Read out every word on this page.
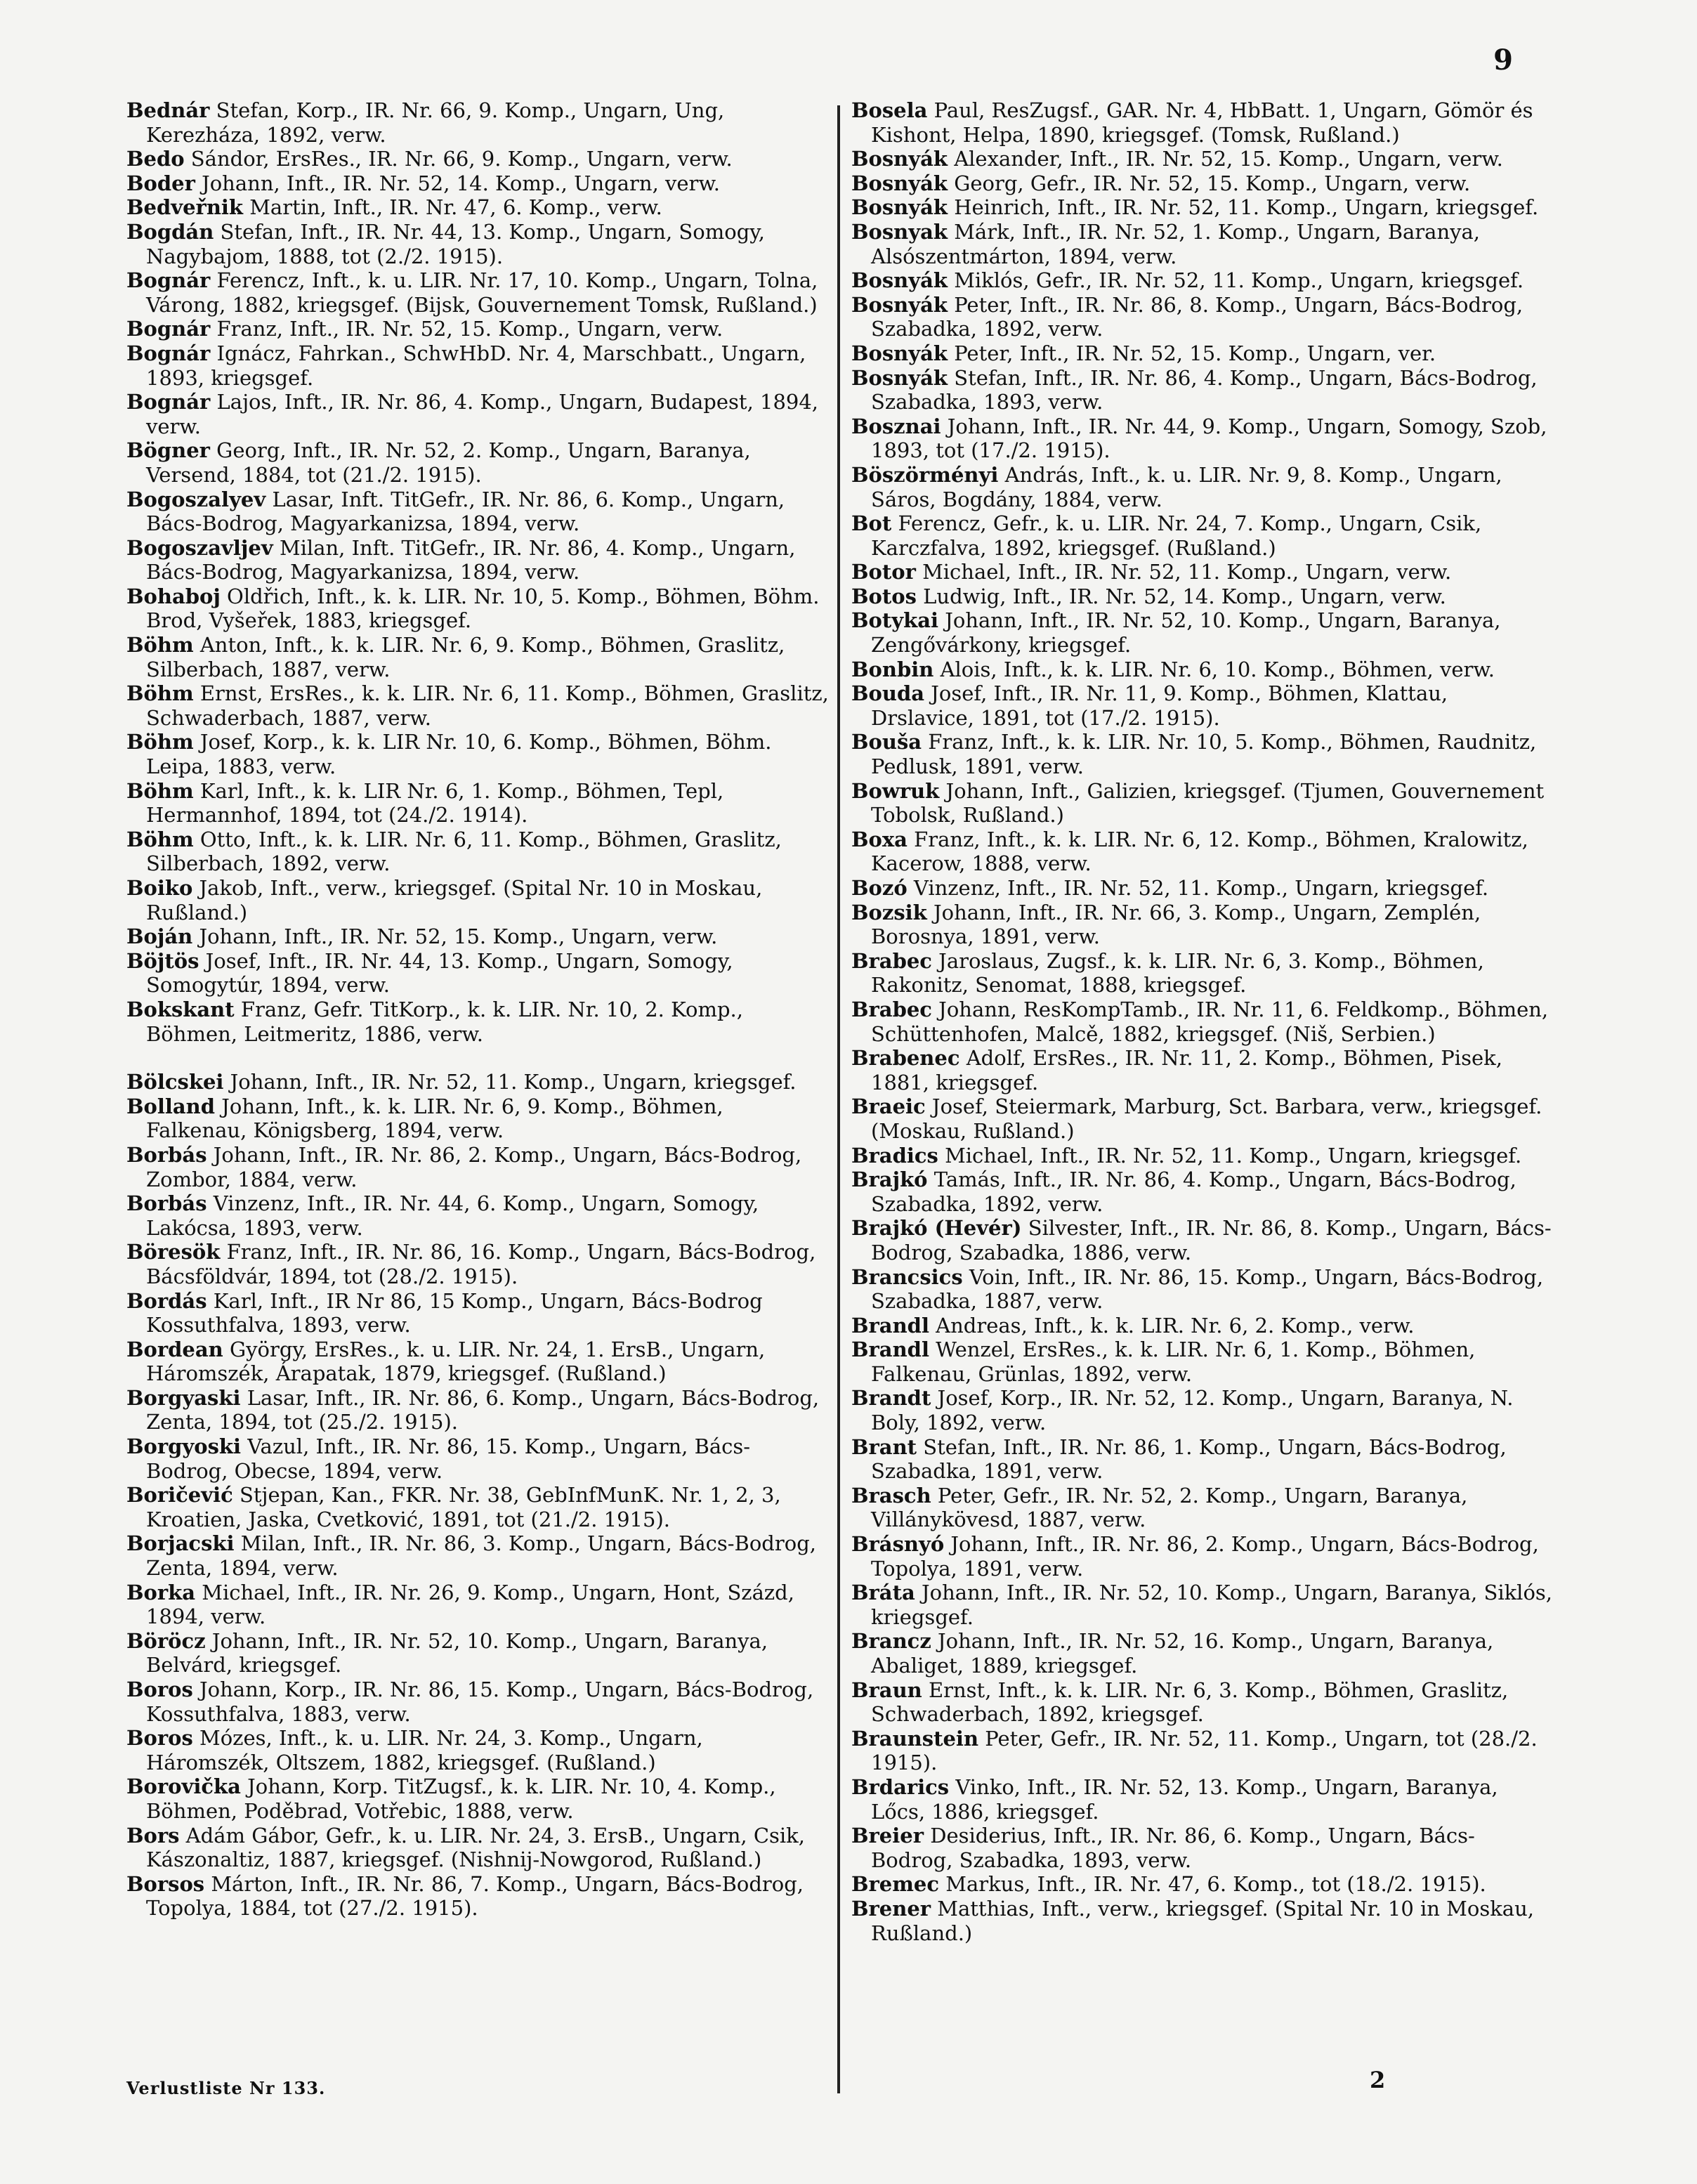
9

Bednár Stefan, Korp., IR. Nr. 66, 9. Komp., Ungarn, Ung, Kerezháza, 1892, verw.

Bedo Sándor, ErsRes., IR. Nr. 66, 9. Komp., Ungarn, verw.

Boder Johann, Inft., IR. Nr. 52, 14. Komp., Ungarn, verw.

Bedveřnik Martin, Inft., IR. Nr. 47, 6. Komp., verw.

Bogdán Stefan, Inft., IR. Nr. 44, 13. Komp., Ungarn, Somogy, Nagybajom, 1888, tot (2./2. 1915).

Bognár Ferencz, Inft., k. u. LIR. Nr. 17, 10. Komp., Ungarn, Tolna, Várong, 1882, kriegsgef. (Bijsk, Gouvernement Tomsk, Rußland.)

Bognár Franz, Inft., IR. Nr. 52, 15. Komp., Ungarn, verw.

Bognár Ignácz, Fahrkan., SchwHbD. Nr. 4, Marschbatt., Ungarn, 1893, kriegsgef.

Bognár Lajos, Inft., IR. Nr. 86, 4. Komp., Ungarn, Budapest, 1894, verw.

Bögner Georg, Inft., IR. Nr. 52, 2. Komp., Ungarn, Baranya, Versend, 1884, tot (21./2. 1915).

Bogoszalyev Lasar, Inft. TitGefr., IR. Nr. 86, 6. Komp., Ungarn, Bács-Bodrog, Magyarkanizsa, 1894, verw.

Bogoszavljev Milan, Inft. TitGefr., IR. Nr. 86, 4. Komp., Ungarn, Bács-Bodrog, Magyarkanizsa, 1894, verw.

Bohaboj Oldřich, Inft., k. k. LIR. Nr. 10, 5. Komp., Böhmen, Böhm. Brod, Vyšeřek, 1883, kriegsgef.

Böhm Anton, Inft., k. k. LIR. Nr. 6, 9. Komp., Böhmen, Graslitz, Silberbach, 1887, verw.

Böhm Ernst, ErsRes., k. k. LIR. Nr. 6, 11. Komp., Böhmen, Graslitz, Schwaderbach, 1887, verw.

Böhm Josef, Korp., k. k. LIR Nr. 10, 6. Komp., Böhmen, Böhm. Leipa, 1883, verw.

Böhm Karl, Inft., k. k. LIR Nr. 6, 1. Komp., Böhmen, Tepl, Hermannhof, 1894, tot (24./2. 1914).

Böhm Otto, Inft., k. k. LIR. Nr. 6, 11. Komp., Böhmen, Graslitz, Silberbach, 1892, verw.

Boiko Jakob, Inft., verw., kriegsgef. (Spital Nr. 10 in Moskau, Rußland.)

Boján Johann, Inft., IR. Nr. 52, 15. Komp., Ungarn, verw.

Böjtös Josef, Inft., IR. Nr. 44, 13. Komp., Ungarn, Somogy, Somogytúr, 1894, verw.

Bokskant Franz, Gefr. TitKorp., k. k. LIR. Nr. 10, 2. Komp., Böhmen, Leitmeritz, 1886, verw.

Bölcskei Johann, Inft., IR. Nr. 52, 11. Komp., Ungarn, kriegsgef.

Bolland Johann, Inft., k. k. LIR. Nr. 6, 9. Komp., Böhmen, Falkenau, Königsberg, 1894, verw.

Borbás Johann, Inft., IR. Nr. 86, 2. Komp., Ungarn, Bács-Bodrog, Zombor, 1884, verw.

Borbás Vinzenz, Inft., IR. Nr. 44, 6. Komp., Ungarn, Somogy, Lakócsa, 1893, verw.

Böresök Franz, Inft., IR. Nr. 86, 16. Komp., Ungarn, Bács-Bodrog, Bácsföldvár, 1894, tot (28./2. 1915).

Bordás Karl, Inft., IR Nr 86, 15 Komp., Ungarn, Bács-Bodrog Kossuthfalva, 1893, verw.

Bordean György, ErsRes., k. u. LIR. Nr. 24, 1. ErsB., Ungarn, Háromszék, Árapatak, 1879, kriegsgef. (Rußland.)

Borgyaski Lasar, Inft., IR. Nr. 86, 6. Komp., Ungarn, Bács-Bodrog, Zenta, 1894, tot (25./2. 1915).

Borgyoski Vazul, Inft., IR. Nr. 86, 15. Komp., Ungarn, Bács-Bodrog, Obecse, 1894, verw.

Boričević Stjepan, Kan., FKR. Nr. 38, GebInfMunK. Nr. 1, 2, 3, Kroatien, Jaska, Cvetković, 1891, tot (21./2. 1915).

Borjacski Milan, Inft., IR. Nr. 86, 3. Komp., Ungarn, Bács-Bodrog, Zenta, 1894, verw.

Borka Michael, Inft., IR. Nr. 26, 9. Komp., Ungarn, Hont, Százd, 1894, verw.

Böröcz Johann, Inft., IR. Nr. 52, 10. Komp., Ungarn, Baranya, Belvárd, kriegsgef.

Boros Johann, Korp., IR. Nr. 86, 15. Komp., Ungarn, Bács-Bodrog, Kossuthfalva, 1883, verw.

Boros Mózes, Inft., k. u. LIR. Nr. 24, 3. Komp., Ungarn, Háromszék, Oltszem, 1882, kriegsgef. (Rußland.)

Borovička Johann, Korp. TitZugsf., k. k. LIR. Nr. 10, 4. Komp., Böhmen, Poděbrad, Votřebic, 1888, verw.

Bors Adám Gábor, Gefr., k. u. LIR. Nr. 24, 3. ErsB., Ungarn, Csik, Kászonaltiz, 1887, kriegsgef. (Nishnij-Nowgorod, Rußland.)

Borsos Márton, Inft., IR. Nr. 86, 7. Komp., Ungarn, Bács-Bodrog, Topolya, 1884, tot (27./2. 1915).

Bosela Paul, ResZugsf., GAR. Nr. 4, HbBatt. 1, Ungarn, Gömör és Kishont, Helpa, 1890, kriegsgef. (Tomsk, Rußland.)

Bosnyák Alexander, Inft., IR. Nr. 52, 15. Komp., Ungarn, verw.

Bosnyák Georg, Gefr., IR. Nr. 52, 15. Komp., Ungarn, verw.

Bosnyák Heinrich, Inft., IR. Nr. 52, 11. Komp., Ungarn, kriegsgef.

Bosnyak Márk, Inft., IR. Nr. 52, 1. Komp., Ungarn, Baranya, Alsószentmárton, 1894, verw.

Bosnyák Miklós, Gefr., IR. Nr. 52, 11. Komp., Ungarn, kriegsgef.

Bosnyák Peter, Inft., IR. Nr. 86, 8. Komp., Ungarn, Bács-Bodrog, Szabadka, 1892, verw.

Bosnyák Peter, Inft., IR. Nr. 52, 15. Komp., Ungarn, ver.

Bosnyák Stefan, Inft., IR. Nr. 86, 4. Komp., Ungarn, Bács-Bodrog, Szabadka, 1893, verw.

Bosznai Johann, Inft., IR. Nr. 44, 9. Komp., Ungarn, Somogy, Szob, 1893, tot (17./2. 1915).

Böszörményi András, Inft., k. u. LIR. Nr. 9, 8. Komp., Ungarn, Sáros, Bogdány, 1884, verw.

Bot Ferencz, Gefr., k. u. LIR. Nr. 24, 7. Komp., Ungarn, Csik, Karczfalva, 1892, kriegsgef. (Rußland.)

Botor Michael, Inft., IR. Nr. 52, 11. Komp., Ungarn, verw.

Botos Ludwig, Inft., IR. Nr. 52, 14. Komp., Ungarn, verw.

Botykai Johann, Inft., IR. Nr. 52, 10. Komp., Ungarn, Baranya, Zengővárkony, kriegsgef.

Bonbin Alois, Inft., k. k. LIR. Nr. 6, 10. Komp., Böhmen, verw.

Bouda Josef, Inft., IR. Nr. 11, 9. Komp., Böhmen, Klattau, Drslavice, 1891, tot (17./2. 1915).

Bouša Franz, Inft., k. k. LIR. Nr. 10, 5. Komp., Böhmen, Raudnitz, Pedlusk, 1891, verw.

Bowruk Johann, Inft., Galizien, kriegsgef. (Tjumen, Gouvernement Tobolsk, Rußland.)

Boxa Franz, Inft., k. k. LIR. Nr. 6, 12. Komp., Böhmen, Kralowitz, Kacerow, 1888, verw.

Bozó Vinzenz, Inft., IR. Nr. 52, 11. Komp., Ungarn, kriegsgef.

Bozsik Johann, Inft., IR. Nr. 66, 3. Komp., Ungarn, Zemplén, Borosnya, 1891, verw.

Brabec Jaroslaus, Zugsf., k. k. LIR. Nr. 6, 3. Komp., Böhmen, Rakonitz, Senomat, 1888, kriegsgef.

Brabec Johann, ResKompTamb., IR. Nr. 11, 6. Feldkomp., Böhmen, Schüttenhofen, Malcě, 1882, kriegsgef. (Niš, Serbien.)

Brabenec Adolf, ErsRes., IR. Nr. 11, 2. Komp., Böhmen, Pisek, 1881, kriegsgef.

Braeic Josef, Steiermark, Marburg, Sct. Barbara, verw., kriegsgef. (Moskau, Rußland.)

Bradics Michael, Inft., IR. Nr. 52, 11. Komp., Ungarn, kriegsgef.

Brajkó Tamás, Inft., IR. Nr. 86, 4. Komp., Ungarn, Bács-Bodrog, Szabadka, 1892, verw.

Brajkó (Hevér) Silvester, Inft., IR. Nr. 86, 8. Komp., Ungarn, Bács-Bodrog, Szabadka, 1886, verw.

Brancsics Voin, Inft., IR. Nr. 86, 15. Komp., Ungarn, Bács-Bodrog, Szabadka, 1887, verw.

Brandl Andreas, Inft., k. k. LIR. Nr. 6, 2. Komp., verw.

Brandl Wenzel, ErsRes., k. k. LIR. Nr. 6, 1. Komp., Böhmen, Falkenau, Grünlas, 1892, verw.

Brandt Josef, Korp., IR. Nr. 52, 12. Komp., Ungarn, Baranya, N. Boly, 1892, verw.

Brant Stefan, Inft., IR. Nr. 86, 1. Komp., Ungarn, Bács-Bodrog, Szabadka, 1891, verw.

Brasch Peter, Gefr., IR. Nr. 52, 2. Komp., Ungarn, Baranya, Villánykövesd, 1887, verw.

Brásnyó Johann, Inft., IR. Nr. 86, 2. Komp., Ungarn, Bács-Bodrog, Topolya, 1891, verw.

Bráta Johann, Inft., IR. Nr. 52, 10. Komp., Ungarn, Baranya, Siklós, kriegsgef.

Brancz Johann, Inft., IR. Nr. 52, 16. Komp., Ungarn, Baranya, Abaliget, 1889, kriegsgef.

Braun Ernst, Inft., k. k. LIR. Nr. 6, 3. Komp., Böhmen, Graslitz, Schwaderbach, 1892, kriegsgef.

Braunstein Peter, Gefr., IR. Nr. 52, 11. Komp., Ungarn, tot (28./2. 1915).

Brdarics Vinko, Inft., IR. Nr. 52, 13. Komp., Ungarn, Baranya, Lőcs, 1886, kriegsgef.

Breier Desiderius, Inft., IR. Nr. 86, 6. Komp., Ungarn, Bács-Bodrog, Szabadka, 1893, verw.

Bremec Markus, Inft., IR. Nr. 47, 6. Komp., tot (18./2. 1915).

Brener Matthias, Inft., verw., kriegsgef. (Spital Nr. 10 in Moskau, Rußland.)

Verlustliste Nr 133.	2
